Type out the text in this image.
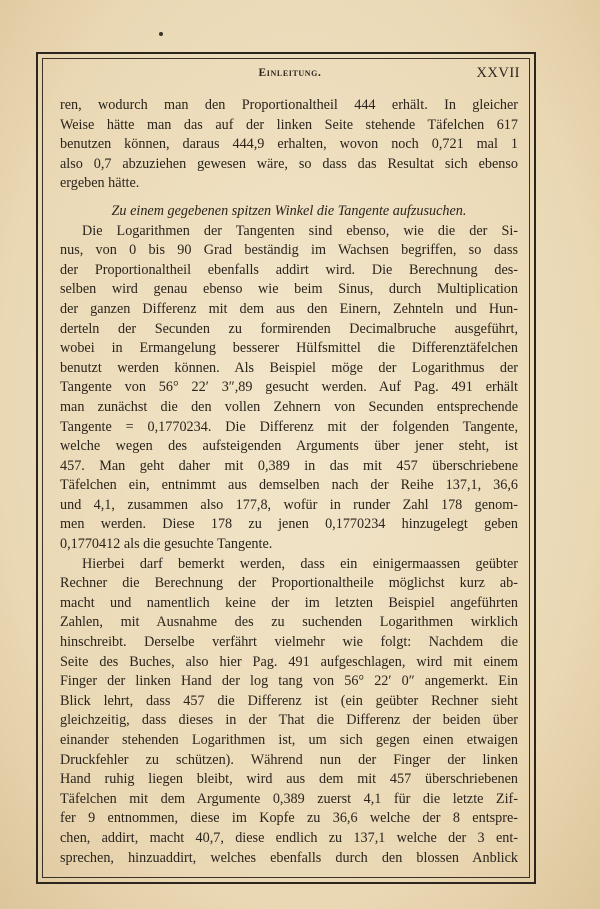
Einleitung.	XXVII
ren, wodurch man den Proportionaltheil 444 erhält. In gleicher
Weise hätte man das auf der linken Seite stehende Täfelchen 617
benutzen können, daraus 444,9 erhalten, wovon noch 0,721 mal 1
also 0,7 abzuziehen gewesen wäre, so dass das Resultat sich ebenso
ergeben hätte.
Zu einem gegebenen spitzen Winkel die Tangente aufzusuchen.
Die Logarithmen der Tangenten sind ebenso, wie die der Si-
nus, von 0 bis 90 Grad beständig im Wachsen begriffen, so dass
der Proportionaltheil ebenfalls addirt wird. Die Berechnung des-
selben wird genau ebenso wie beim Sinus, durch Multiplication
der ganzen Differenz mit dem aus den Einern, Zehnteln und Hun-
derteln der Secunden zu formirenden Decimalbruche ausgeführt,
wobei in Ermangelung besserer Hülfsmittel die Differenztäfelchen
benutzt werden können. Als Beispiel möge der Logarithmus der
Tangente von 56° 22′ 3″,89 gesucht werden. Auf Pag. 491 erhält
man zunächst die den vollen Zehnern von Secunden entsprechende
Tangente = 0,1770234. Die Differenz mit der folgenden Tangente,
welche wegen des aufsteigenden Arguments über jener steht, ist
457. Man geht daher mit 0,389 in das mit 457 überschriebene
Täfelchen ein, entnimmt aus demselben nach der Reihe 137,1, 36,6
und 4,1, zusammen also 177,8, wofür in runder Zahl 178 genom-
men werden. Diese 178 zu jenen 0,1770234 hinzugelegt geben
0,1770412 als die gesuchte Tangente.
Hierbei darf bemerkt werden, dass ein einigermaassen geübter
Rechner die Berechnung der Proportionaltheile möglichst kurz ab-
macht und namentlich keine der im letzten Beispiel angeführten
Zahlen, mit Ausnahme des zu suchenden Logarithmen wirklich
hinschreibt. Derselbe verfährt vielmehr wie folgt: Nachdem die
Seite des Buches, also hier Pag. 491 aufgeschlagen, wird mit einem
Finger der linken Hand der log tang von 56° 22′ 0″ angemerkt. Ein
Blick lehrt, dass 457 die Differenz ist (ein geübter Rechner sieht
gleichzeitig, dass dieses in der That die Differenz der beiden über
einander stehenden Logarithmen ist, um sich gegen einen etwaigen
Druckfehler zu schützen). Während nun der Finger der linken
Hand ruhig liegen bleibt, wird aus dem mit 457 überschriebenen
Täfelchen mit dem Argumente 0,389 zuerst 4,1 für die letzte Zif-
fer 9 entnommen, diese im Kopfe zu 36,6 welche der 8 entspre-
chen, addirt, macht 40,7, diese endlich zu 137,1 welche der 3 ent-
sprechen, hinzuaddirt, welches ebenfalls durch den blossen Anblick
